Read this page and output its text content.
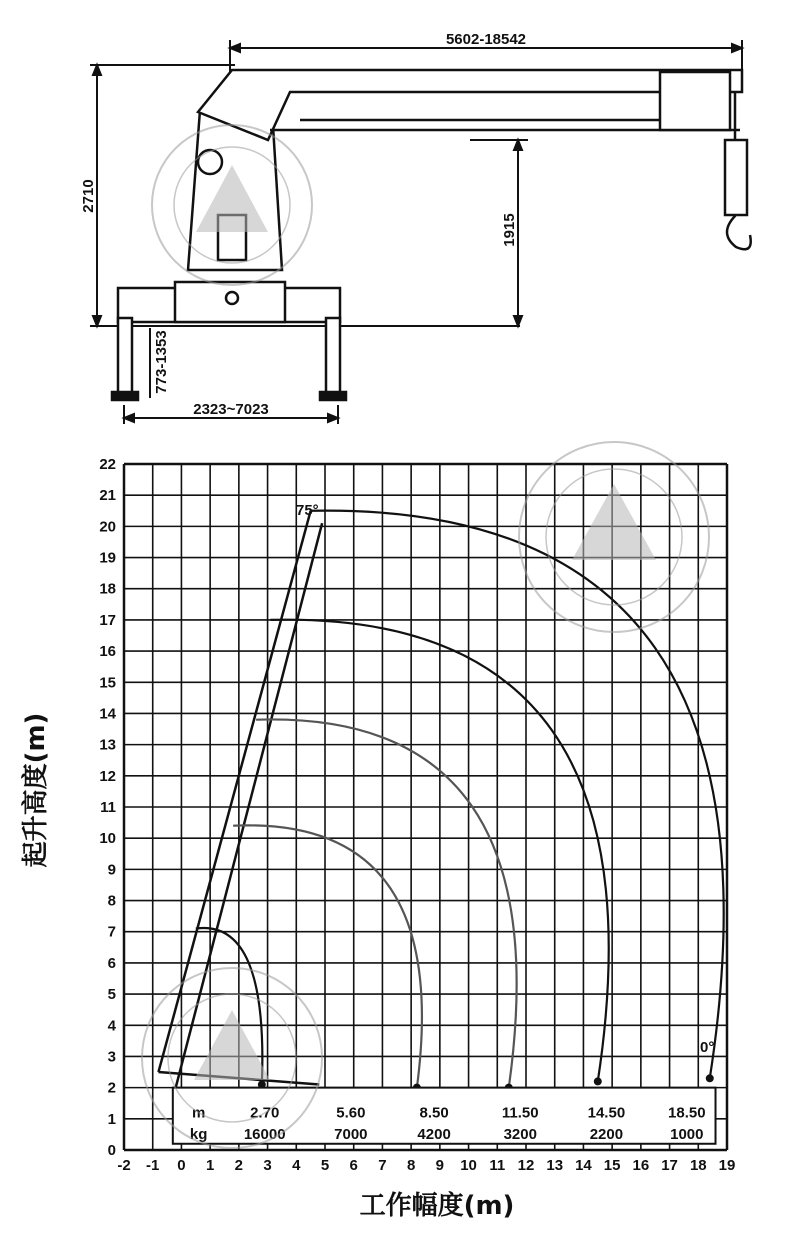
5602-18542
2710
1915
773-1353
2323~7023
-2 -1 0 1 2 3 4 5 6 7 8 9 10 11 12 13 14 15 16 17 18 19
0
1
2
3
4
5
6
7
8
9
10
11
12
13
14
15
16
17
18
19
20
21
22
m
kg
2.70	5.60	8.50	11.50	14.50	18.50
16000	7000	4200	3200	2200	1000
工作幅度(m)
起升高度(m)
75°
0°
